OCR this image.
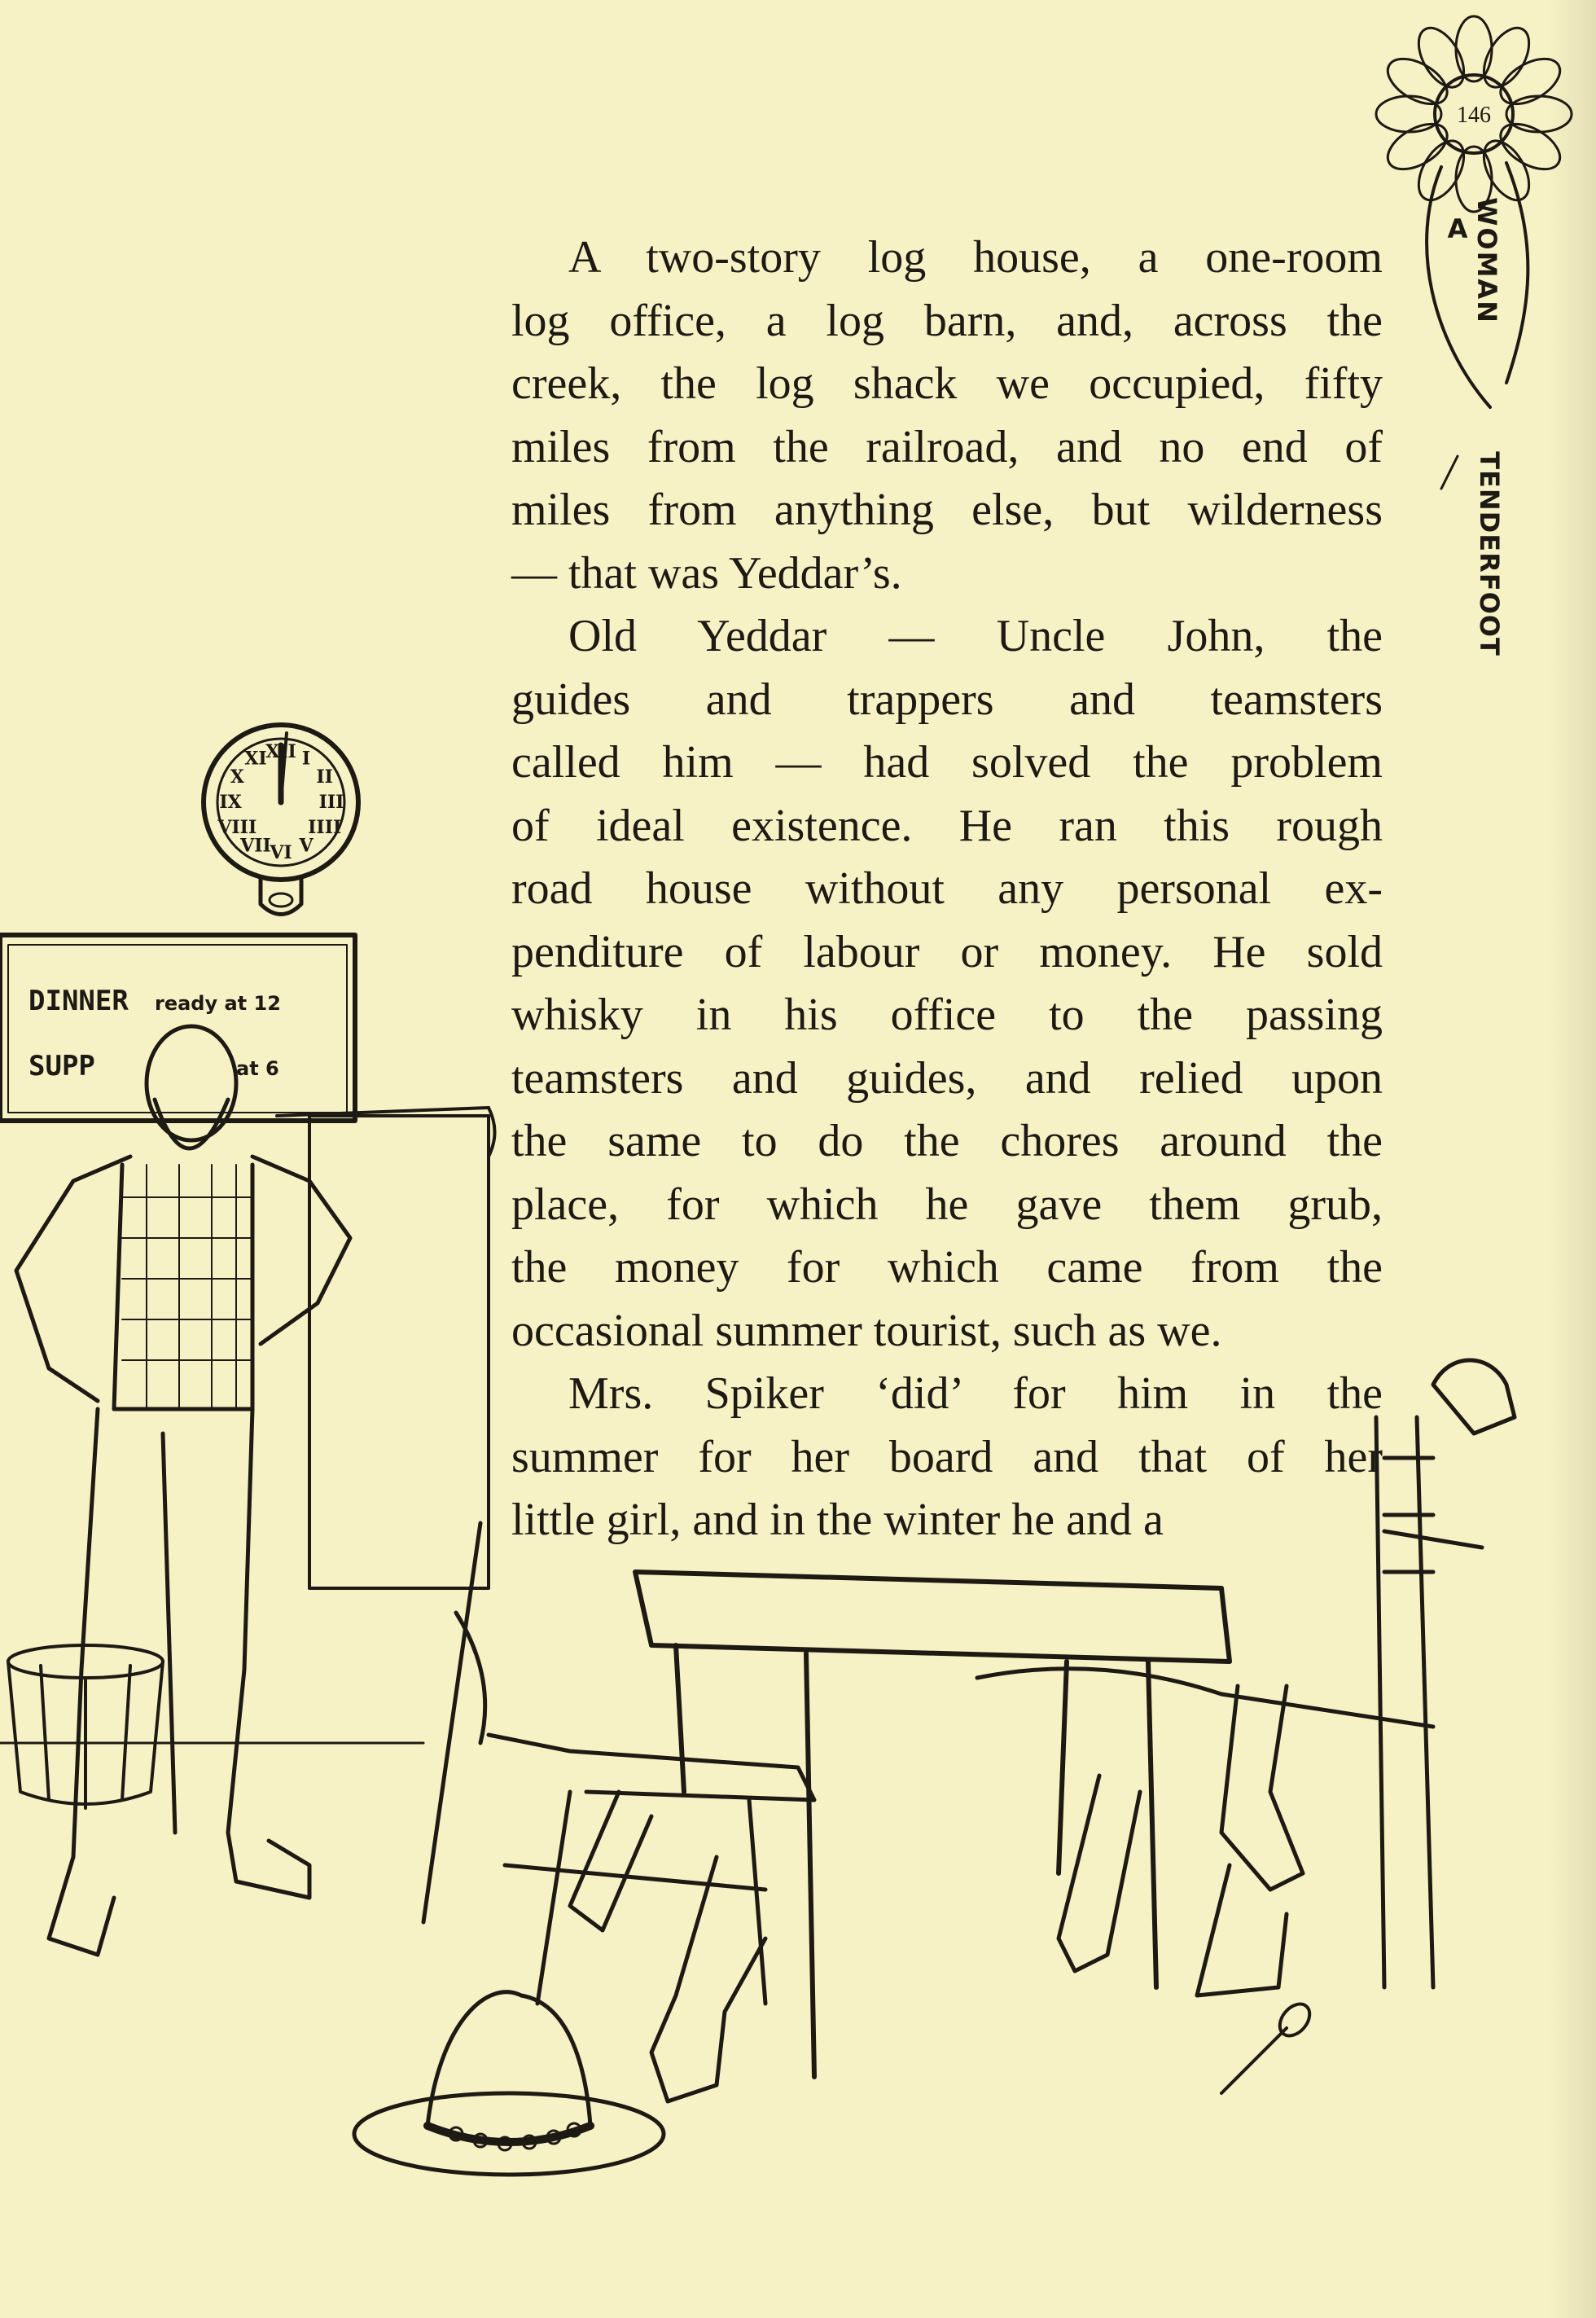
146
A WOMAN
TENDERFOOT
XII I
II
III
IIII
V
VI
VII
VIII
IX
X
XI
DINNER ready at 12
SUPP	at 6
A two-story log house, a one-room
log office, a log barn, and, across the
creek, the log shack we occupied, fifty
miles from the railroad, and no end of
miles from anything else, but wilderness
— that was Yeddar’s.
Old Yeddar — Uncle John, the
guides and trappers and teamsters
called him — had solved the problem
of ideal existence. He ran this rough
road house without any personal ex-
penditure of labour or money. He sold
whisky in his office to the passing
teamsters and guides, and relied upon
the same to do the chores around the
place, for which he gave them grub,
the money for which came from the
occasional summer tourist, such as we.
Mrs. Spiker ‘did’ for him in the
summer for her board and that of her
little girl, and in the winter he and a
